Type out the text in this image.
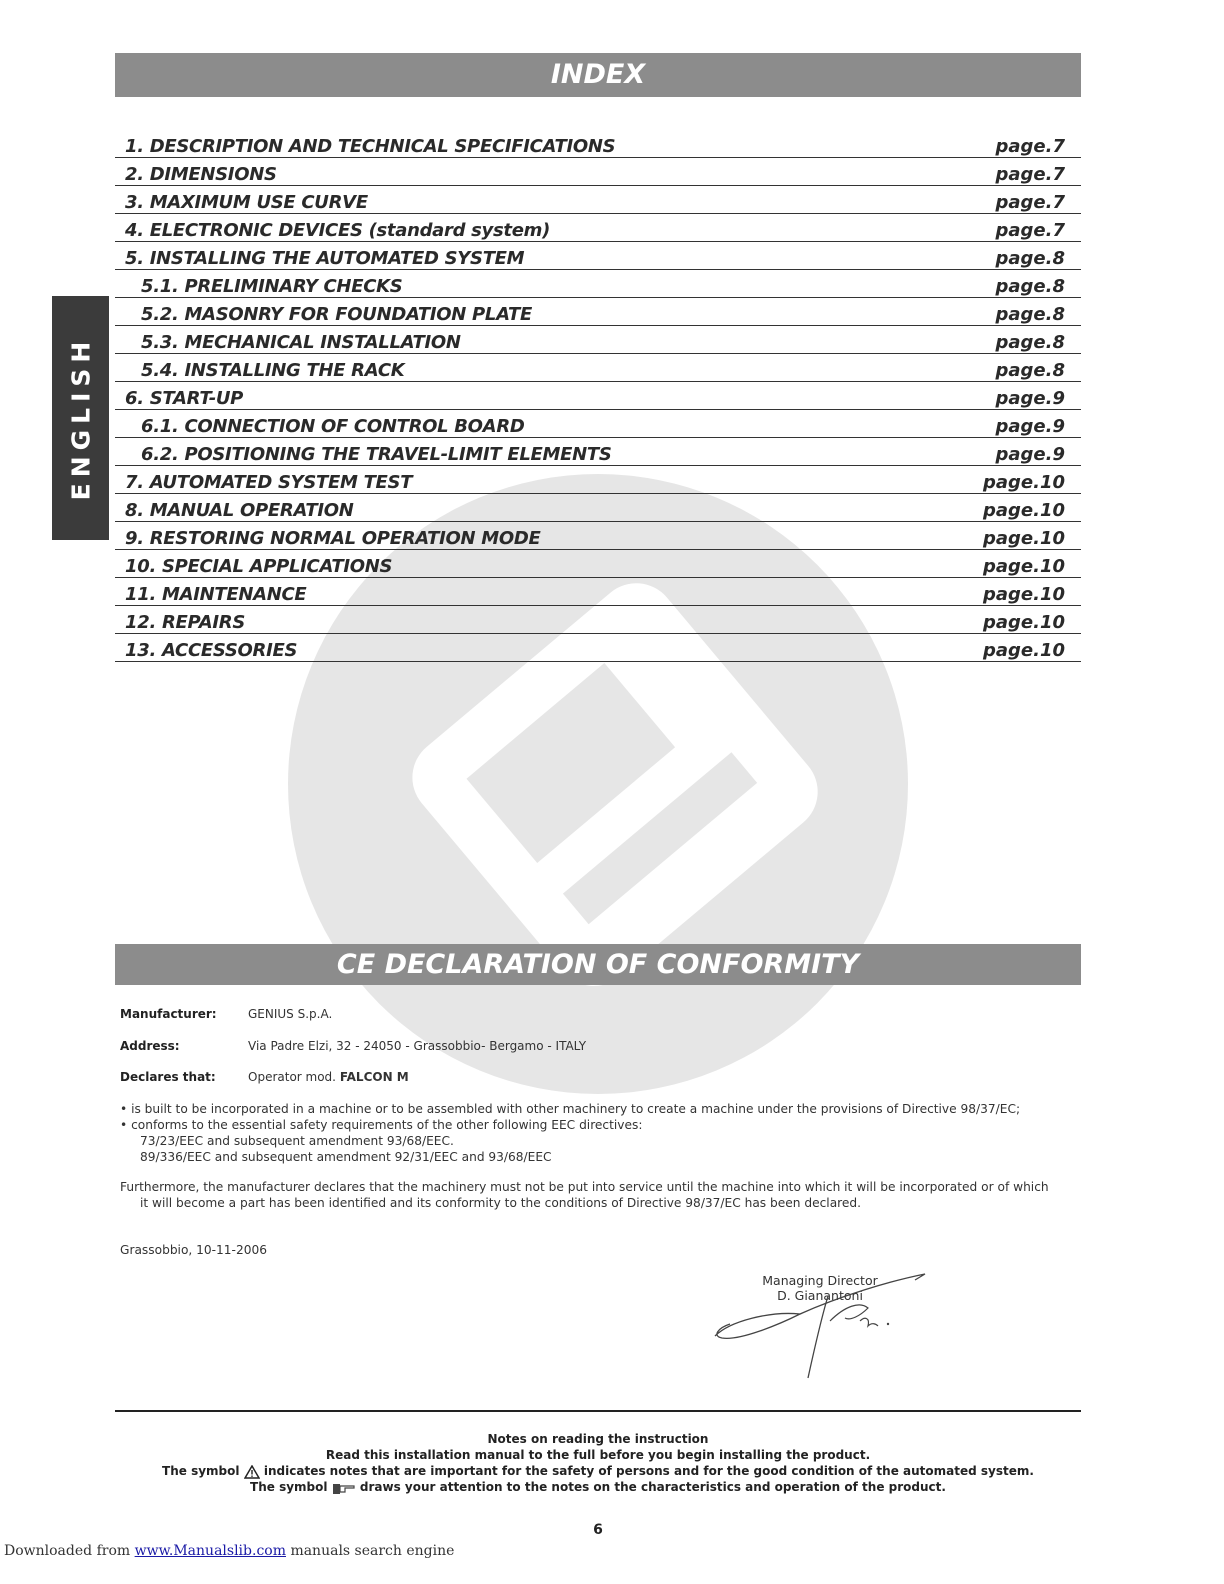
ENGLISH
INDEX
1. DESCRIPTION AND TECHNICAL SPECIFICATIONS	page.7
2. DIMENSIONS	page.7
3. MAXIMUM USE CURVE	page.7
4. ELECTRONIC DEVICES (standard system)	page.7
5. INSTALLING THE AUTOMATED SYSTEM	page.8
5.1. PRELIMINARY CHECKS	page.8
5.2. MASONRY FOR FOUNDATION PLATE	page.8
5.3. MECHANICAL INSTALLATION	page.8
5.4. INSTALLING THE RACK	page.8
6. START-UP	page.9
6.1. CONNECTION OF CONTROL BOARD	page.9
6.2. POSITIONING THE TRAVEL-LIMIT ELEMENTS	page.9
7. AUTOMATED SYSTEM TEST	page.10
8. MANUAL OPERATION	page.10
9. RESTORING NORMAL OPERATION MODE	page.10
10. SPECIAL APPLICATIONS	page.10
11. MAINTENANCE	page.10
12. REPAIRS	page.10
13. ACCESSORIES	page.10
CE DECLARATION OF CONFORMITY
Manufacturer:	GENIUS S.p.A.
Address:	Via Padre Elzi, 32 - 24050 - Grassobbio- Bergamo - ITALY
Declares that:	Operator mod. FALCON M
• is built to be incorporated in a machine or to be assembled with other machinery to create a machine under the provisions of Directive 98/37/EC;
• conforms to the essential safety requirements of the other following EEC directives:
73/23/EEC and subsequent amendment 93/68/EEC.
89/336/EEC and subsequent amendment 92/31/EEC and 93/68/EEC
Furthermore, the manufacturer declares that the machinery must not be put into service until the machine into which it will be incorporated or of which
it will become a part has been identified and its conformity to the conditions of Directive 98/37/EC has been declared.
Grassobbio, 10-11-2006
Managing Director
D. Gianantoni
Notes on reading the instruction
Read this installation manual to the full before you begin installing the product.
The symbol indicates notes that are important for the safety of persons and for the good condition of the automated system.
The symbol	draws your attention to the notes on the characteristics and operation of the product.
6
Downloaded from www.Manualslib.com manuals search engine
